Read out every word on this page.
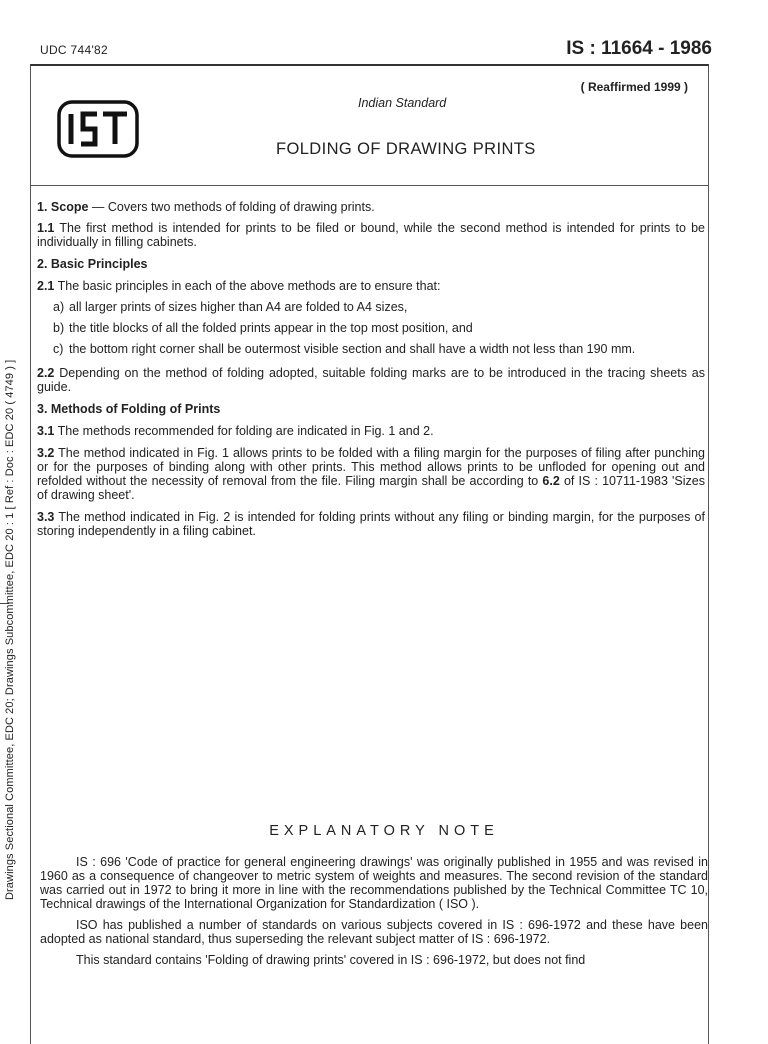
UDC 744'82	IS : 11664 - 1986
( Reaffirmed 1999 )
Indian Standard
FOLDING OF DRAWING PRINTS
Drawings Sectional Committee, EDC 20; Drawings Subcommittee, EDC 20 : 1 [ Ref : Doc : EDC 20 ( 4749 ) ]

1. Scope — Covers two methods of folding of drawing prints.

1.1 The first method is intended for prints to be filed or bound, while the second method is intended for prints to be individually in filling cabinets.

2. Basic Principles

2.1 The basic principles in each of the above methods are to ensure that:

a) all larger prints of sizes higher than A4 are folded to A4 sizes,
b) the title blocks of all the folded prints appear in the top most position, and
c) the bottom right corner shall be outermost visible section and shall have a width not less than 190 mm.

2.2 Depending on the method of folding adopted, suitable folding marks are to be introduced in the tracing sheets as guide.

3. Methods of Folding of Prints

3.1 The methods recommended for folding are indicated in Fig. 1 and 2.

3.2 The method indicated in Fig. 1 allows prints to be folded with a filing margin for the purposes of filing after punching or for the purposes of binding along with other prints. This method allows prints to be unfloded for opening out and refolded without the necessity of removal from the file. Filing margin shall be according to 6.2 of IS : 10711-1983 'Sizes of drawing sheet'.

3.3 The method indicated in Fig. 2 is intended for folding prints without any filing or binding margin, for the purposes of storing independently in a filing cabinet.

EXPLANATORY NOTE

IS : 696 'Code of practice for general engineering drawings' was originally published in 1955 and was revised in 1960 as a consequence of changeover to metric system of weights and measures. The second revision of the standard was carried out in 1972 to bring it more in line with the recommendations published by the Technical Committee TC 10, Technical drawings of the International Organization for Standardization ( ISO ).

ISO has published a number of standards on various subjects covered in IS : 696-1972 and these have been adopted as national standard, thus superseding the relevant subject matter of IS : 696-1972.

This standard contains 'Folding of drawing prints' covered in IS : 696-1972, but does not find
